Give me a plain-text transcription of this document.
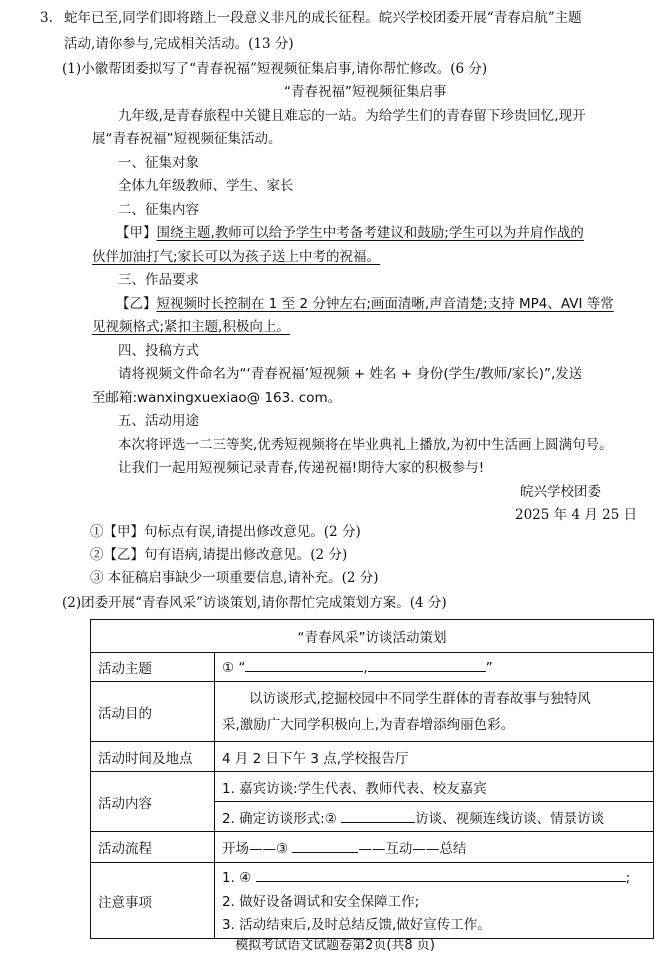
3. 蛇年已至,同学们即将踏上一段意义非凡的成长征程。皖兴学校团委开展“青春启航”主题
活动,请你参与,完成相关活动。(13 分)
(1)小徽帮团委拟写了“青春祝福”短视频征集启事,请你帮忙修改。(6 分)
“青春祝福”短视频征集启事
九年级,是青春旅程中关键且难忘的一站。为给学生们的青春留下珍贵回忆,现开
展“青春祝福”短视频征集活动。
一、征集对象
全体九年级教师、学生、家长
二、征集内容
【甲】围绕主题,教师可以给予学生中考备考建议和鼓励;学生可以为并肩作战的
伙伴加油打气;家长可以为孩子送上中考的祝福。
三、作品要求
【乙】短视频时长控制在 1 至 2 分钟左右;画面清晰,声音清楚;支持 MP4、AVI 等常
见视频格式;紧扣主题,积极向上。
四、投稿方式
请将视频文件命名为“‘青春祝福’短视频 + 姓名 + 身份(学生/教师/家长)”,发送
至邮箱:wanxingxuexiao@ 163. com。
五、活动用途
本次将评选一二三等奖,优秀短视频将在毕业典礼上播放,为初中生活画上圆满句号。
让我们一起用短视频记录青春,传递祝福!期待大家的积极参与!
皖兴学校团委
2025 年 4 月 25 日
①【甲】句标点有误,请提出修改意见。(2 分)
②【乙】句有语病,请提出修改意见。(2 分)
③ 本征稿启事缺少一项重要信息,请补充。(2 分)
(2)团委开展“青春风采”访谈策划,请你帮忙完成策划方案。(4 分)
“青春风采”访谈活动策划	
活动主题	① “ , ”
活动目的	以访谈形式,挖掘校园中不同学生群体的青春故事与独特风
采,激励广大同学积极向上,为青春增添绚丽色彩。

活动时间及地点	4 月 2 日下午 3 点,学校报告厅
活动内容	1. 嘉宾访谈:学生代表、教师代表、校友嘉宾
	2. 确定访谈形式:② 访谈、视频连线访谈、情景访谈
活动流程	开场——③ ——互动——总结
注意事项	1. ④ ;
2. 做好设备调试和安全保障工作;
3. 活动结束后,及时总结反馈,做好宣传工作。
模拟考试语文试题卷第2页(共8 页)
